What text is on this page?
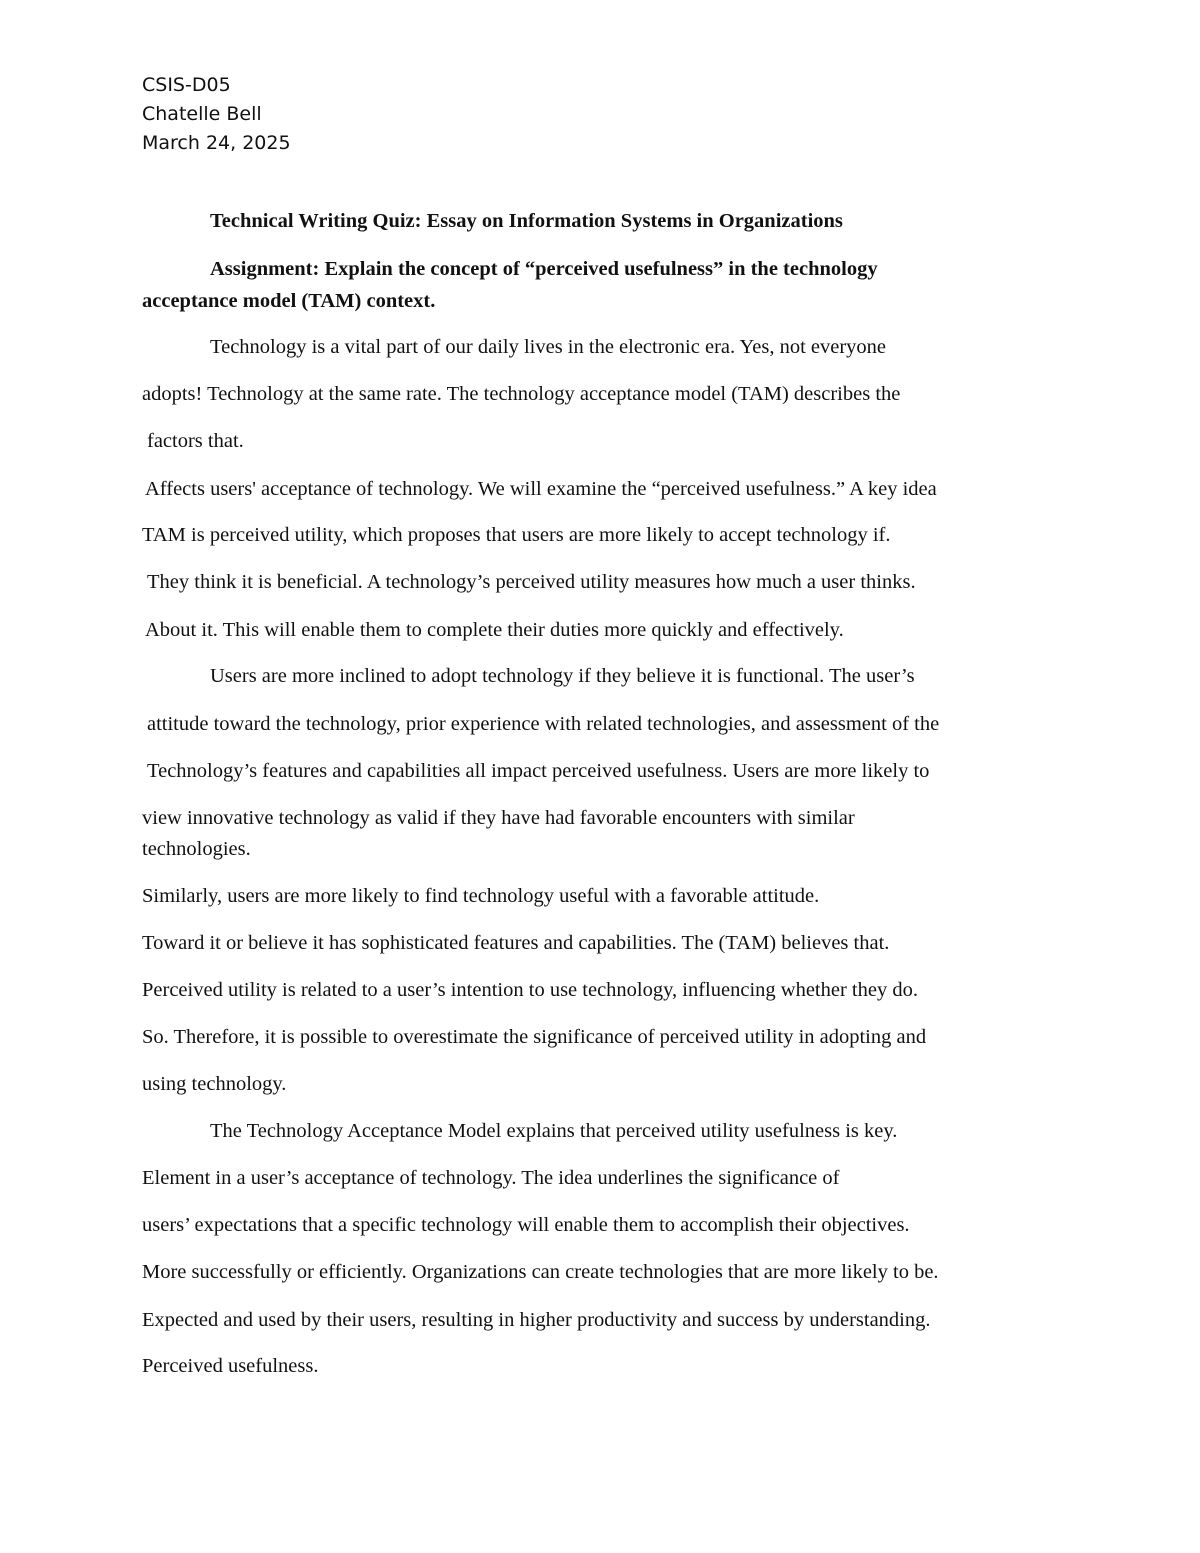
CSIS-D05
Chatelle Bell
March 24, 2025
Technical Writing Quiz: Essay on Information Systems in Organizations
Assignment: Explain the concept of “perceived usefulness” in the technology
acceptance model (TAM) context.
Technology is a vital part of our daily lives in the electronic era. Yes, not everyone
adopts! Technology at the same rate. The technology acceptance model (TAM) describes the
factors that.
Affects users' acceptance of technology. We will examine the “perceived usefulness.” A key idea
TAM is perceived utility, which proposes that users are more likely to accept technology if.
They think it is beneficial. A technology’s perceived utility measures how much a user thinks.
About it. This will enable them to complete their duties more quickly and effectively.
Users are more inclined to adopt technology if they believe it is functional. The user’s
attitude toward the technology, prior experience with related technologies, and assessment of the
Technology’s features and capabilities all impact perceived usefulness. Users are more likely to
view innovative technology as valid if they have had favorable encounters with similar
technologies.
Similarly, users are more likely to find technology useful with a favorable attitude.
Toward it or believe it has sophisticated features and capabilities. The (TAM) believes that.
Perceived utility is related to a user’s intention to use technology, influencing whether they do.
So. Therefore, it is possible to overestimate the significance of perceived utility in adopting and
using technology.
The Technology Acceptance Model explains that perceived utility usefulness is key.
Element in a user’s acceptance of technology. The idea underlines the significance of
users’ expectations that a specific technology will enable them to accomplish their objectives.
More successfully or efficiently. Organizations can create technologies that are more likely to be.
Expected and used by their users, resulting in higher productivity and success by understanding.
Perceived usefulness.
